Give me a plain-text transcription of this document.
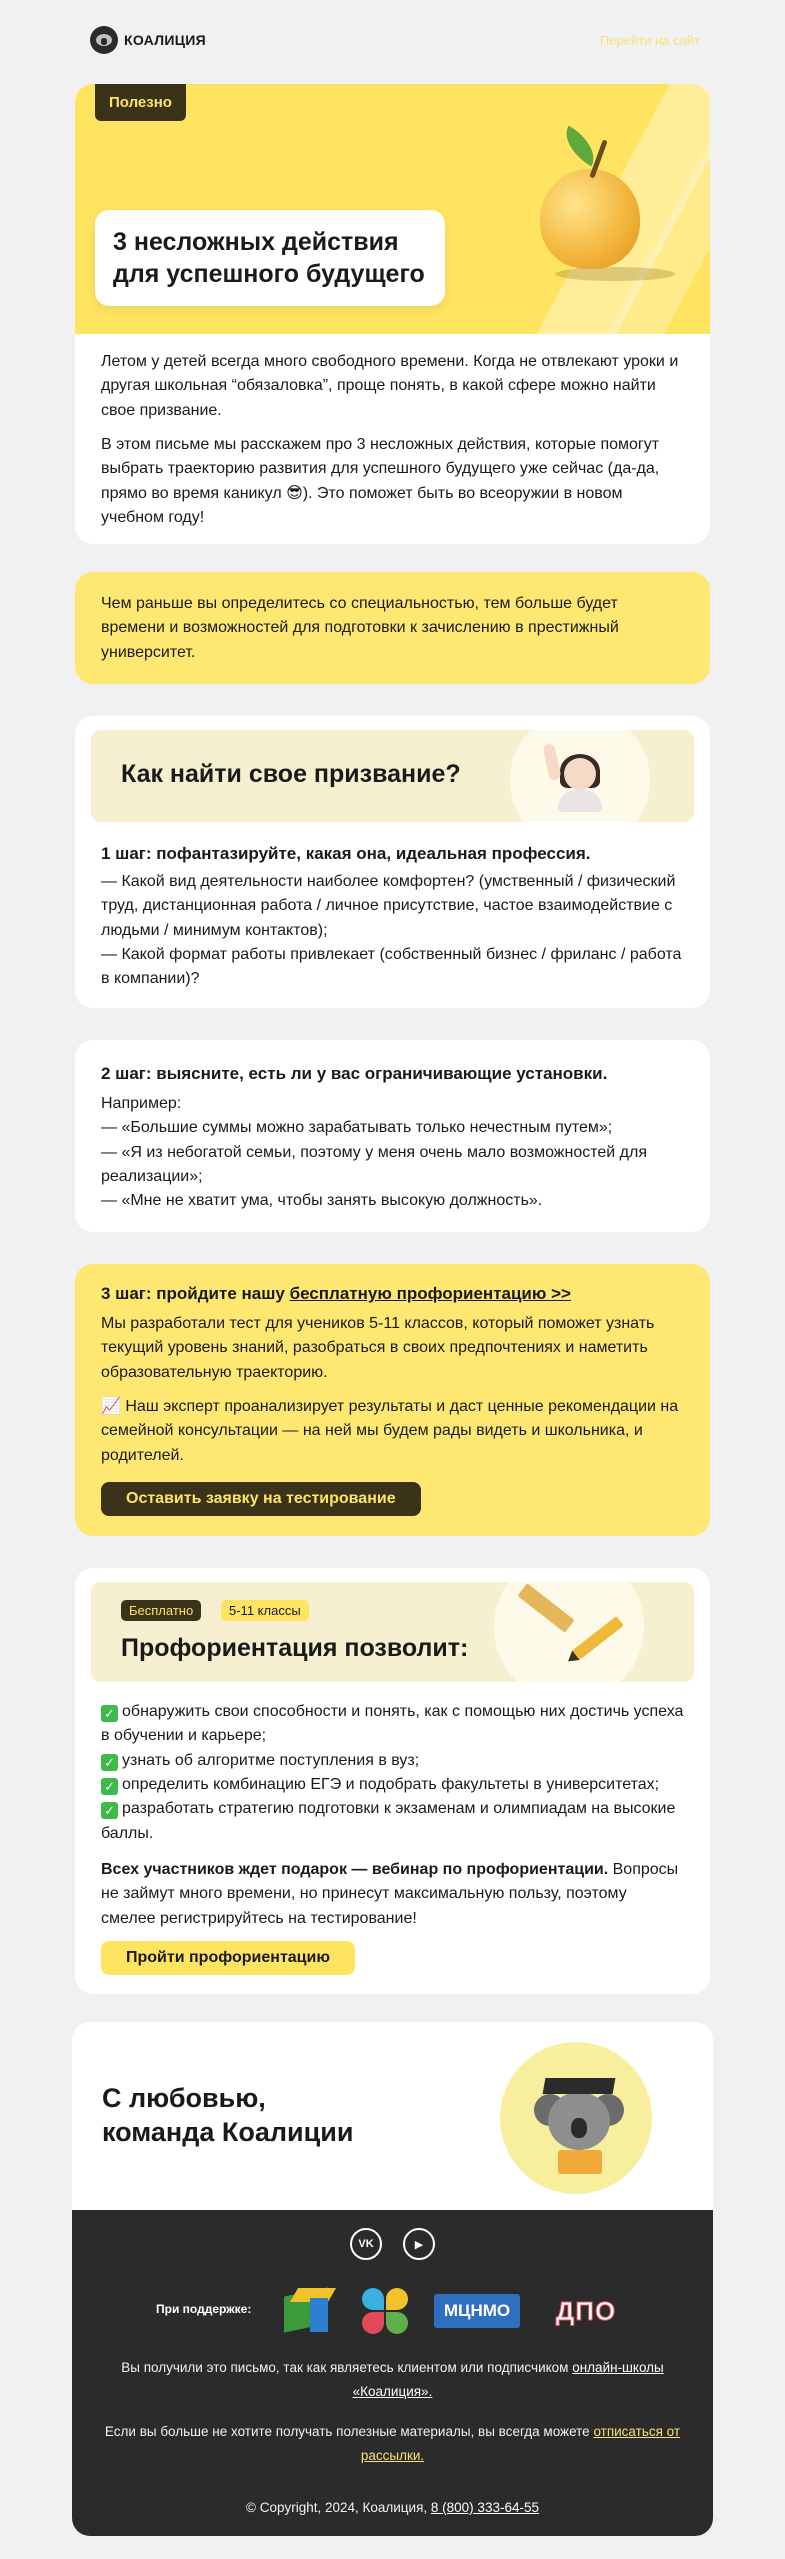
КОАЛИЦИЯ	Перейти на сайт
Полезно
3 несложных действия для успешного будущего

Летом у детей всегда много свободного времени. Когда не отвлекают уроки и другая школьная “обязаловка”, проще понять, в какой сфере можно найти свое призвание.

В этом письме мы расскажем про 3 несложных действия, которые помогут выбрать траекторию развития для успешного будущего уже сейчас (да-да, прямо во время каникул 😎). Это поможет быть во всеоружии в новом учебном году!

Чем раньше вы определитесь со специальностью, тем больше будет времени и возможностей для подготовки к зачислению в престижный университет.
Как найти свое призвание?
1 шаг: пофантазируйте, какая она, идеальная профессия.
— Какой вид деятельности наиболее комфортен? (умственный / физический труд, дистанционная работа / личное присутствие, частое взаимодействие с людьми / минимум контактов);
— Какой формат работы привлекает (собственный бизнес / фриланс / работа в компании)?
2 шаг: выясните, есть ли у вас ограничивающие установки.
Например:
— «Большие суммы можно зарабатывать только нечестным путем»;
— «Я из небогатой семьи, поэтому у меня очень мало возможностей для реализации»;
— «Мне не хватит ума, чтобы занять высокую должность».
3 шаг: пройдите нашу бесплатную профориентацию >>

Мы разработали тест для учеников 5-11 классов, который поможет узнать текущий уровень знаний, разобраться в своих предпочтениях и наметить образовательную траекторию.

📈 Наш эксперт проанализирует результаты и даст ценные рекомендации на семейной консультации — на ней мы будем рады видеть и школьника, и родителей.

Оставить заявку на тестирование
Бесплатно	5-11 классы
Профориентация позволит:
✓ обнаружить свои способности и понять, как с помощью них достичь успеха в обучении и карьере;
✓ узнать об алгоритме поступления в вуз;
✓ определить комбинацию ЕГЭ и подобрать факультеты в университетах;
✓ разработать стратегию подготовки к экзаменам и олимпиадам на высокие баллы.
Всех участников ждет подарок — вебинар по профориентации. Вопросы не займут много времени, но принесут максимальную пользу, поэтому смелее регистрируйтесь на тестирование!
Пройти профориентацию
С любовью,
команда Коалиции
VK	▶
При поддержке:	МЦНМО	ДПО
Вы получили это письмо, так как являетесь клиентом или подписчиком онлайн-школы «Коалиция».
Если вы больше не хотите получать полезные материалы, вы всегда можете отписаться от рассылки.
© Copyright, 2024, Коалиция, 8 (800) 333-64-55
